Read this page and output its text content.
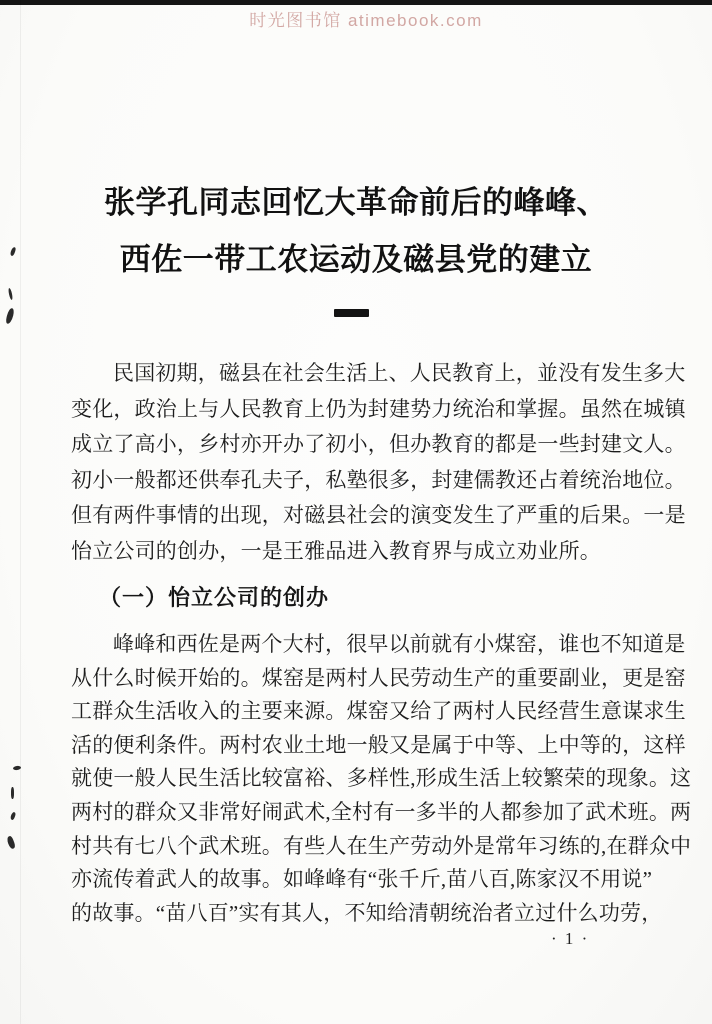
时光图书馆 atimebook.com
张学孔同志回忆大革命前后的峰峰、
西佐一带工农运动及磁县党的建立
民国初期，磁县在社会生活上、人民教育上，並没有发生多大
变化，政治上与人民教育上仍为封建势力统治和掌握。虽然在城镇
成立了高小，乡村亦开办了初小，但办教育的都是一些封建文人。
初小一般都还供奉孔夫子，私塾很多，封建儒教还占着统治地位。
但有两件事情的出现，对磁县社会的演变发生了严重的后果。一是
怡立公司的创办，一是王雅品进入教育界与成立劝业所。
（一）怡立公司的创办
峰峰和西佐是两个大村，很早以前就有小煤窑，谁也不知道是
从什么时候开始的。煤窑是两村人民劳动生产的重要副业，更是窑
工群众生活收入的主要来源。煤窑又给了两村人民经营生意谋求生
活的便利条件。两村农业土地一般又是属于中等、上中等的，这样
就使一般人民生活比较富裕、多样性,形成生活上较繁荣的现象。这
两村的群众又非常好闹武术,全村有一多半的人都参加了武术班。两
村共有七八个武术班。有些人在生产劳动外是常年习练的,在群众中
亦流传着武人的故事。如峰峰有“张千斤,苗八百,陈家汉不用说”
的故事。“苗八百”实有其人，不知给清朝统治者立过什么功劳，
· 1 ·
